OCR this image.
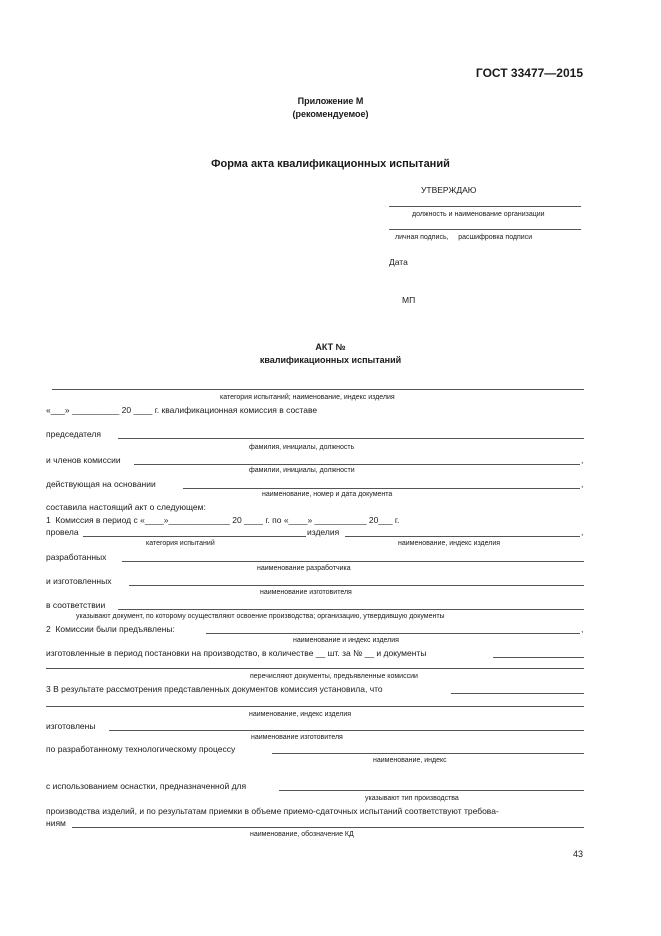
ГОСТ 33477—2015
Приложение М
(рекомендуемое)
Форма акта квалификационных испытаний
УТВЕРЖДАЮ
должность и наименование организации
личная подпись,     расшифровка подписи
Дата
МП
АКТ №
квалификационных испытаний
категория испытаний; наименование, индекс изделия
«___» __________ 20 ____ г. квалификационная комиссия в составе
председателя
фамилия, инициалы, должность
и членов комиссии	,
фамилии, инициалы, должности
действующая на основании	,
наименование, номер и дата документа
составила настоящий акт о следующем:
1  Комиссия в период с «____»_____________ 20 ____ г. по «____» ___________ 20___ г.
провела	изделия	,
категория испытаний	наименование, индекс изделия
разработанных
наименование разработчика
и изготовленных
наименование изготовителя
в соответствии
указывают документ, по которому осуществляют освоение производства; организацию, утвердившую документы
2  Комиссии были предъявлены:	,
наименование и индекс изделия
изготовленные в период постановки на производство, в количестве __ шт. за № __ и документы
перечисляют документы, предъявленные комиссии
3 В результате рассмотрения представленных документов комиссия установила, что
наименование, индекс изделия
изготовлены
наименование изготовителя
по разработанному технологическому процессу
наименование, индекс
с использованием оснастки, предназначенной для
указывают тип производства
производства изделий, и по результатам приемки в объеме приемо-сдаточных испытаний соответствуют требова-
ниям
наименование, обозначение КД
43
